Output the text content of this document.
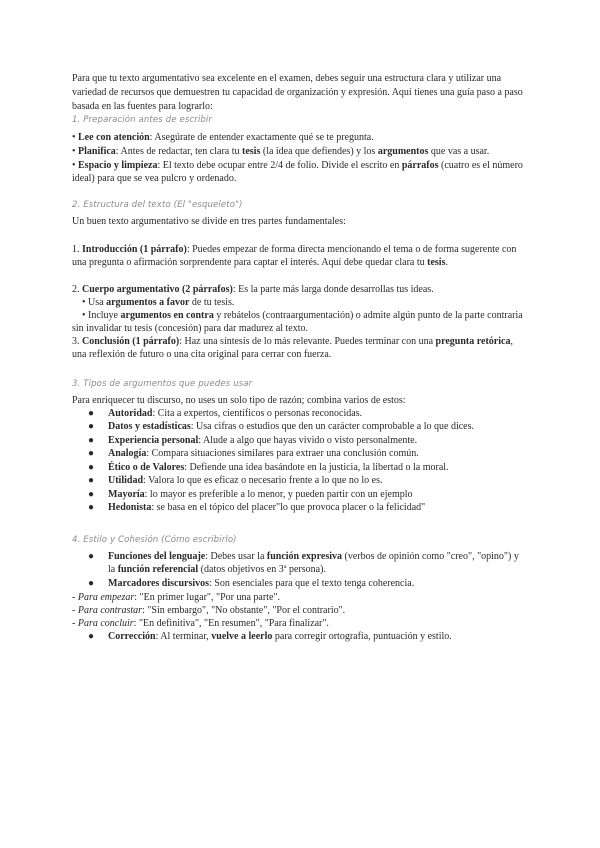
Para que tu texto argumentativo sea excelente en el examen, debes seguir una estructura clara y utilizar una
variedad de recursos que demuestren tu capacidad de organización y expresión. Aquí tienes una guía paso a paso
basada en las fuentes para lograrlo:
1. Preparación antes de escribir
• Lee con atención: Asegúrate de entender exactamente qué se te pregunta.
• Planifica: Antes de redactar, ten clara tu tesis (la idea que defiendes) y los argumentos que vas a usar.
• Espacio y limpieza: El texto debe ocupar entre 2/4 de folio. Divide el escrito en párrafos (cuatro es el número
ideal) para que se vea pulcro y ordenado.
2. Estructura del texto (El "esqueleto")
Un buen texto argumentativo se divide en tres partes fundamentales:
1. Introducción (1 párrafo): Puedes empezar de forma directa mencionando el tema o de forma sugerente con
una pregunta o afirmación sorprendente para captar el interés. Aquí debe quedar clara tu tesis.
2. Cuerpo argumentativo (2 párrafos): Es la parte más larga donde desarrollas tus ideas.
• Usa argumentos a favor de tu tesis.
• Incluye argumentos en contra y rebátelos (contraargumentación) o admite algún punto de la parte contraria
sin invalidar tu tesis (concesión) para dar madurez al texto.
3. Conclusión (1 párrafo): Haz una síntesis de lo más relevante. Puedes terminar con una pregunta retórica,
una reflexión de futuro o una cita original para cerrar con fuerza.
3. Tipos de argumentos que puedes usar
Para enriquecer tu discurso, no uses un solo tipo de razón; combina varios de estos:
● Autoridad: Cita a expertos, científicos o personas reconocidas.
● Datos y estadísticas: Usa cifras o estudios que den un carácter comprobable a lo que dices.
● Experiencia personal: Alude a algo que hayas vivido o visto personalmente.
● Analogía: Compara situaciones similares para extraer una conclusión común.
● Ético o de Valores: Defiende una idea basándote en la justicia, la libertad o la moral.
● Utilidad: Valora lo que es eficaz o necesario frente a lo que no lo es.
● Mayoría: lo mayor es preferible a lo menor, y pueden partir con un ejemplo
● Hedonista: se basa en el tópico del placer"lo que provoca placer o la felicidad"
4. Estilo y Cohesión (Cómo escribirlo)
● Funciones del lenguaje: Debes usar la función expresiva (verbos de opinión como "creo", "opino") y
la función referencial (datos objetivos en 3ª persona).
● Marcadores discursivos: Son esenciales para que el texto tenga coherencia.
- Para empezar: "En primer lugar", "Por una parte".
- Para contrastar: "Sin embargo", "No obstante", "Por el contrario".
- Para concluir: "En definitiva", "En resumen", "Para finalizar".
● Corrección: Al terminar, vuelve a leerlo para corregir ortografía, puntuación y estilo.
